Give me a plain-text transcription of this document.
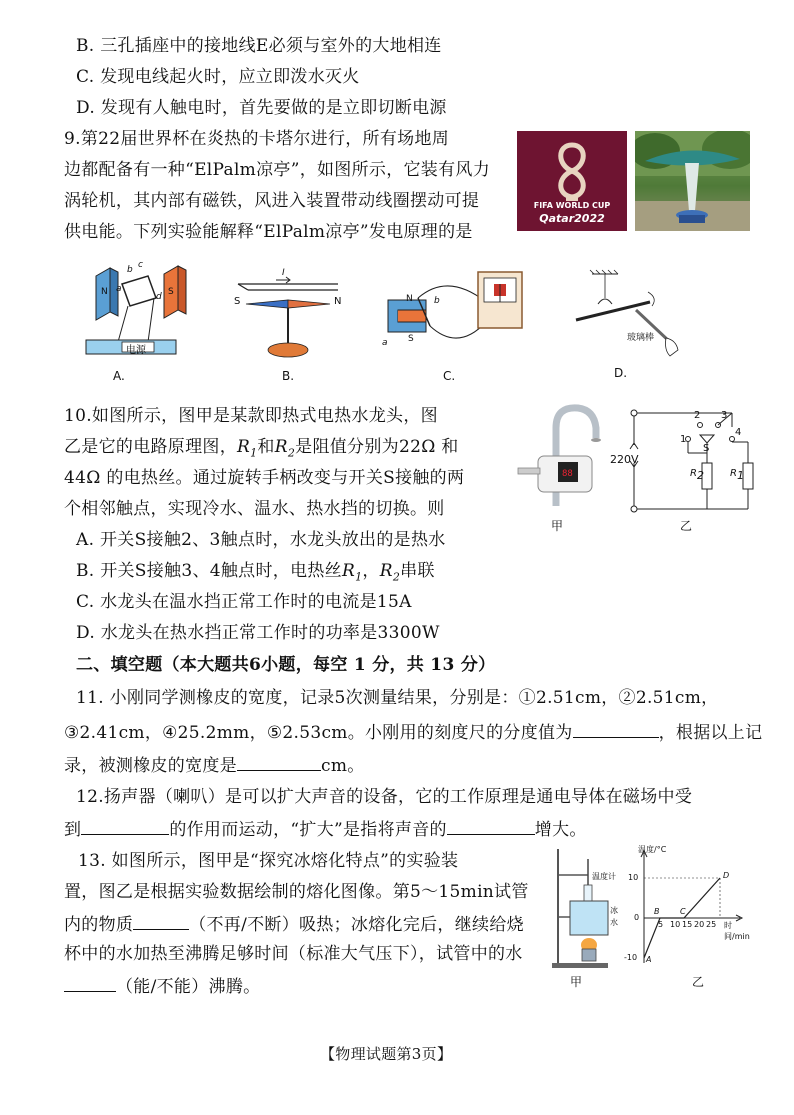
B. 三孔插座中的接地线E必须与室外的大地相连
C. 发现电线起火时，应立即泼水灭火
D. 发现有人触电时，首先要做的是立即切断电源
9.第22届世界杯在炎热的卡塔尔进行，所有场地周
边都配备有一种“ElPalm凉亭”，如图所示，它装有风力
涡轮机，其内部有磁铁，风进入装置带动线圈摆动可提
供电能。下列实验能解释“ElPalm凉亭”发电原理的是
FIFA WORLD CUP
Qatar2022
N	S
b c
a
d
电源
A.
I
S	N
B.
N
S
b
a
C.
玻璃棒
D.
10.如图所示，图甲是某款即热式电热水龙头，图
乙是它的电路原理图，$R_1$和$R_2$是阻值分别为22Ω 和
44Ω 的电热丝。通过旋转手柄改变与开关S接触的两
个相邻触点，实现冷水、温水、热水挡的切换。则
A. 开关S接触2、3触点时，水龙头放出的是热水
B. 开关S接触3、4触点时，电热丝$R_1$，$R_2$串联
C. 水龙头在温水挡正常工作时的电流是15A
D. 水龙头在热水挡正常工作时的功率是3300W
88
甲
220V
2 3
1
4
S
$R_2$	$R_1$
乙
二、填空题（本大题共6小题，每空 1 分，共 13 分）
11. 小刚同学测橡皮的宽度，记录5次测量结果，分别是：①2.51cm，②2.51cm，
③2.41cm，④25.2mm，⑤2.53cm。小刚用的刻度尺的分度值为	，根据以上记
录，被测橡皮的宽度是	cm。
12.扬声器（喇叭）是可以扩大声音的设备，它的工作原理是通电导体在磁场中受
到	的作用而运动，“扩大”是指将声音的	增大。
13. 如图所示，图甲是“探究冰熔化特点”的实验装
置，图乙是根据实验数据绘制的熔化图像。第5～15min试管
内的物质	（不再/不断）吸热；冰熔化完后，继续给烧
杯中的水加热至沸腾足够时间（标准大气压下），试管中的水
（能/不能）沸腾。
温度计
冰
水
甲
温度/°C
时间/min
10
0
-10
B	C
D
A
5 10 15 20 25
乙
【物理试题第3页】
